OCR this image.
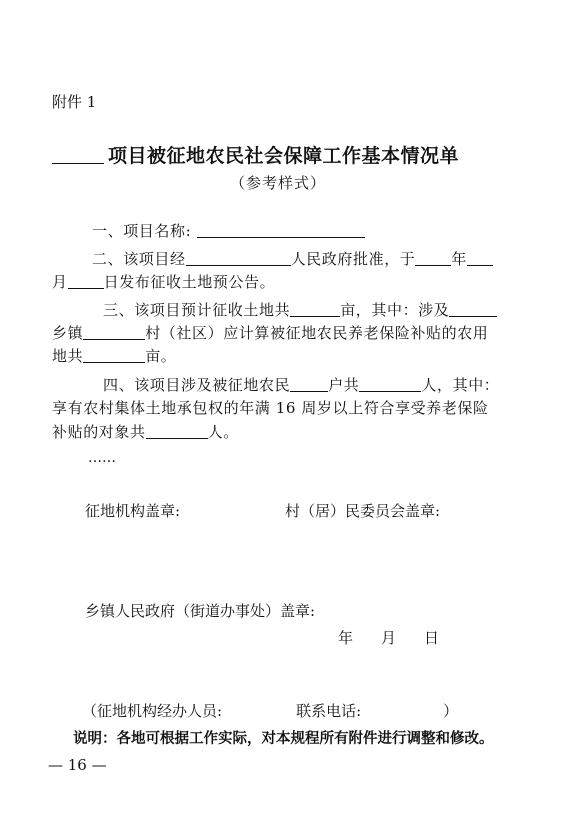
附件 1
项目被征地农民社会保障工作基本情况单
（参考样式）
一、项目名称:
二、该项目经	人民政府批准，于 年
月 日发布征收土地预公告。
三、该项目预计征收土地共	亩，其中：涉及
乡镇	村（社区）应计算被征地农民养老保险补贴的农用
地共	亩。
四、该项目涉及被征地农民	户共	人，其中：
享有农村集体土地承包权的年满 16 周岁以上符合享受养老保险
补贴的对象共	人。
……
征地机构盖章:	村（居）民委员会盖章:
乡镇人民政府（街道办事处）盖章:
年 月 日
（征地机构经办人员:	联系电话:	）
说明：各地可根据工作实际，对本规程所有附件进行调整和修改。
— 16 —
